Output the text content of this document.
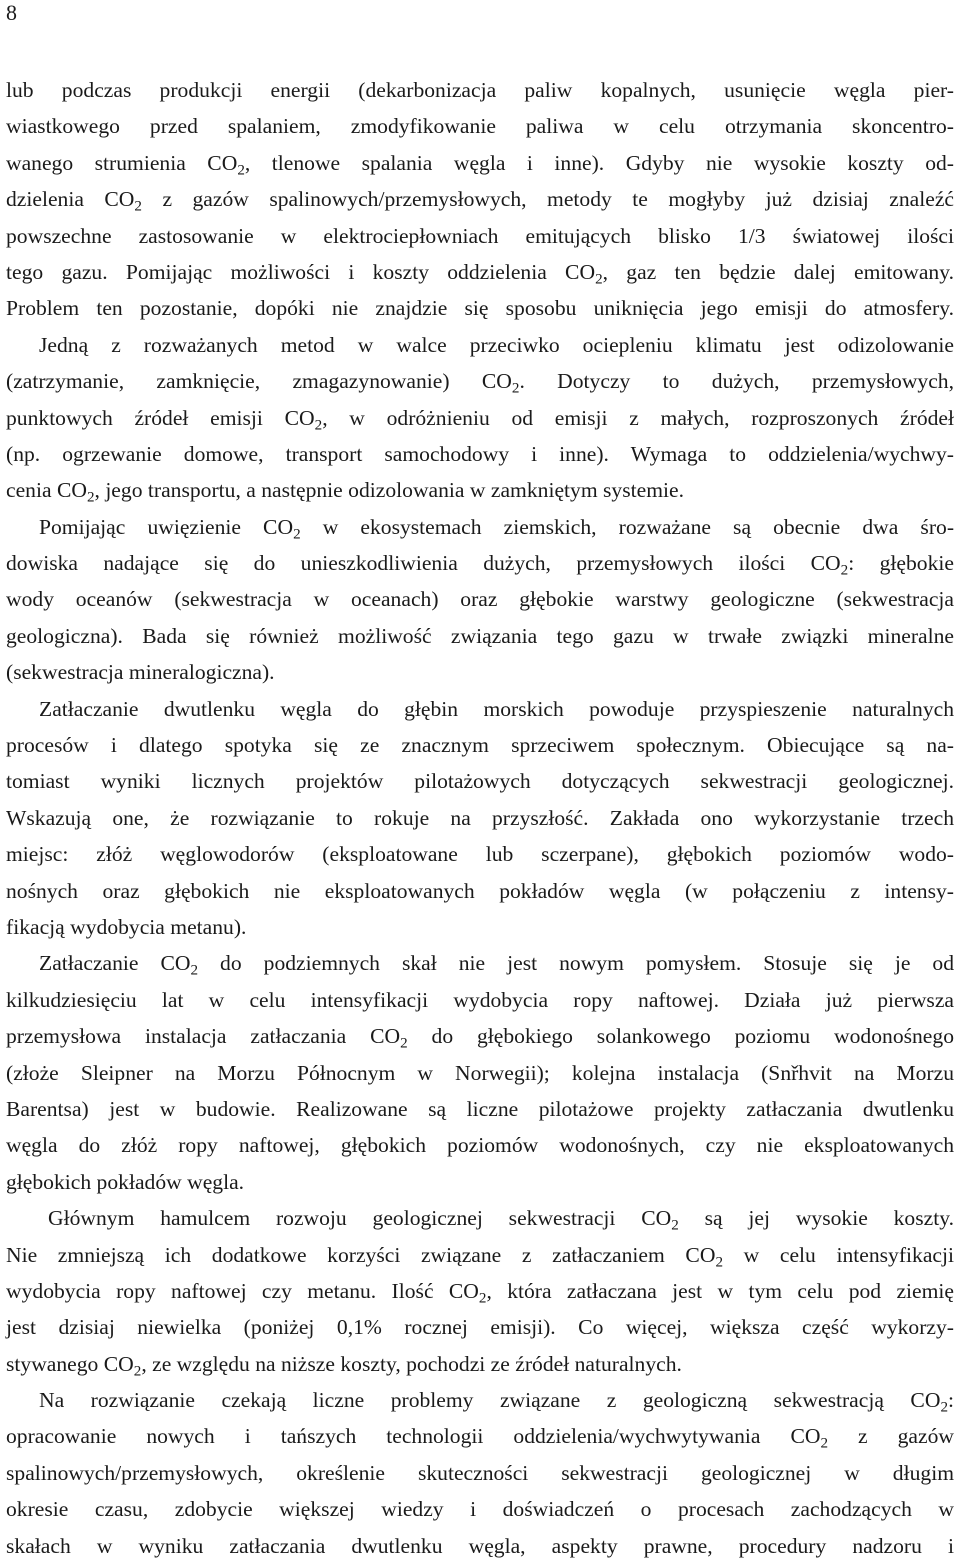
8
lub podczas produkcji energii (dekarbonizacja paliw kopalnych, usunięcie węgla pier-
wiastkowego przed spalaniem, zmodyfikowanie paliwa w celu otrzymania skoncentro-
wanego strumienia $CO_2$, tlenowe spalania węgla i inne). Gdyby nie wysokie koszty od-
dzielenia $CO_2$ z gazów spalinowych/przemysłowych, metody te mogłyby już dzisiaj znaleźć
powszechne zastosowanie w elektrociepłowniach emitujących blisko 1/3 światowej ilości
tego gazu. Pomijając możliwości i koszty oddzielenia $CO_2$, gaz ten będzie dalej emitowany.
Problem ten pozostanie, dopóki nie znajdzie się sposobu uniknięcia jego emisji do atmosfery.
Jedną z rozważanych metod w walce przeciwko ociepleniu klimatu jest odizolowanie
(zatrzymanie, zamknięcie, zmagazynowanie) $CO_2$. Dotyczy to dużych, przemysłowych,
punktowych źródeł emisji $CO_2$, w odróżnieniu od emisji z małych, rozproszonych źródeł
(np. ogrzewanie domowe, transport samochodowy i inne). Wymaga to oddzielenia/wychwy-
cenia $CO_2$, jego transportu, a następnie odizolowania w zamkniętym systemie.
Pomijając uwięzienie $CO_2$ w ekosystemach ziemskich, rozważane są obecnie dwa śro-
dowiska nadające się do unieszkodliwienia dużych, przemysłowych ilości $CO_2$: głębokie
wody oceanów (sekwestracja w oceanach) oraz głębokie warstwy geologiczne (sekwestracja
geologiczna). Bada się również możliwość związania tego gazu w trwałe związki mineralne
(sekwestracja mineralogiczna).
Zatłaczanie dwutlenku węgla do głębin morskich powoduje przyspieszenie naturalnych
procesów i dlatego spotyka się ze znacznym sprzeciwem społecznym. Obiecujące są na-
tomiast wyniki licznych projektów pilotażowych dotyczących sekwestracji geologicznej.
Wskazują one, że rozwiązanie to rokuje na przyszłość. Zakłada ono wykorzystanie trzech
miejsc: złóż węglowodorów (eksploatowane lub sczerpane), głębokich poziomów wodo-
nośnych oraz głębokich nie eksploatowanych pokładów węgla (w połączeniu z intensy-
fikacją wydobycia metanu).
Zatłaczanie $CO_2$ do podziemnych skał nie jest nowym pomysłem. Stosuje się je od
kilkudziesięciu lat w celu intensyfikacji wydobycia ropy naftowej. Działa już pierwsza
przemysłowa instalacja zatłaczania $CO_2$ do głębokiego solankowego poziomu wodonośnego
(złoże Sleipner na Morzu Północnym w Norwegii); kolejna instalacja (Snřhvit na Morzu
Barentsa) jest w budowie. Realizowane są liczne pilotażowe projekty zatłaczania dwutlenku
węgla do złóż ropy naftowej, głębokich poziomów wodonośnych, czy nie eksploatowanych
głębokich pokładów węgla.
Głównym hamulcem rozwoju geologicznej sekwestracji $CO_2$ są jej wysokie koszty.
Nie zmniejszą ich dodatkowe korzyści związane z zatłaczaniem $CO_2$ w celu intensyfikacji
wydobycia ropy naftowej czy metanu. Ilość $CO_2$, która zatłaczana jest w tym celu pod ziemię
jest dzisiaj niewielka (poniżej 0,1% rocznej emisji). Co więcej, większa część wykorzy-
stywanego $CO_2$, ze względu na niższe koszty, pochodzi ze źródeł naturalnych.
Na rozwiązanie czekają liczne problemy związane z geologiczną sekwestracją $CO_2$:
opracowanie nowych i tańszych technologii oddzielenia/wychwytywania $CO_2$ z gazów
spalinowych/przemysłowych, określenie skuteczności sekwestracji geologicznej w długim
okresie czasu, zdobycie większej wiedzy i doświadczeń o procesach zachodzących w
skałach w wyniku zatłaczania dwutlenku węgla, aspekty prawne, procedury nadzoru i
